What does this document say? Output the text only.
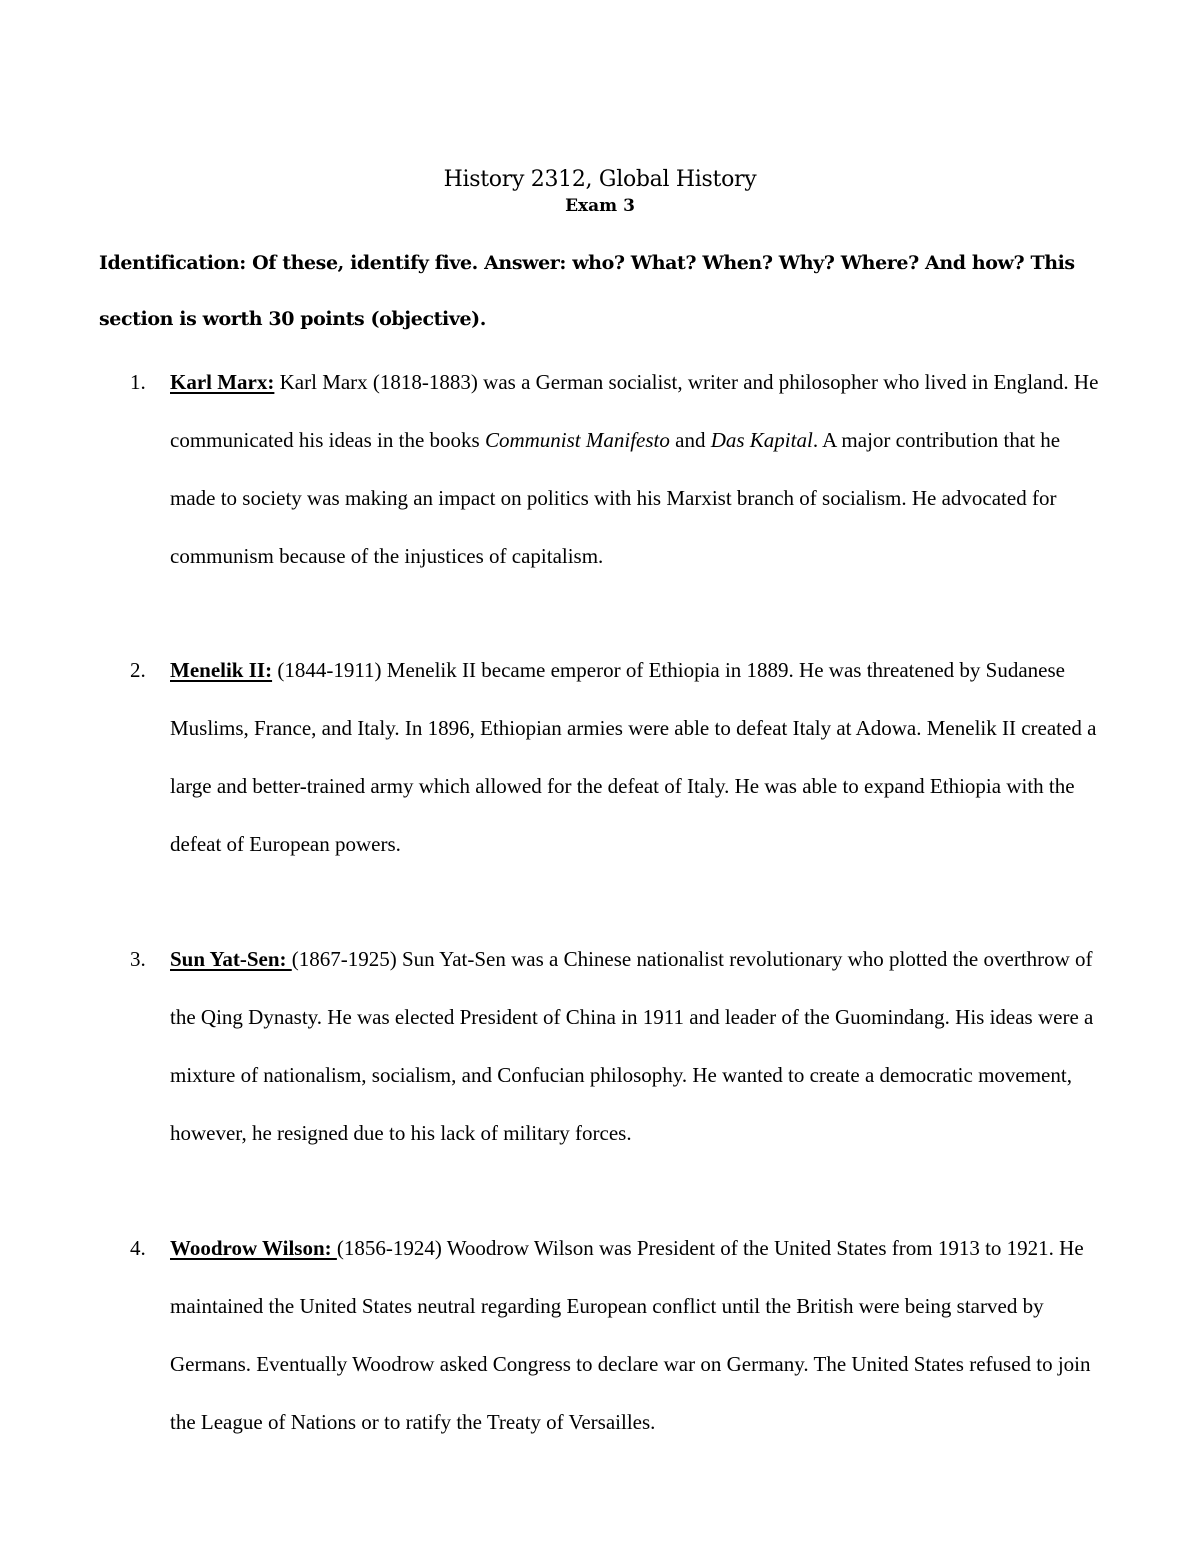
History 2312, Global History
Exam 3
Identification: Of these, identify five. Answer: who? What? When? Why? Where? And how? This section is worth 30 points (objective).
1.	Karl Marx: Karl Marx (1818-1883) was a German socialist, writer and philosopher who lived in England. He communicated his ideas in the books Communist Manifesto and Das Kapital. A major contribution that he made to society was making an impact on politics with his Marxist branch of socialism. He advocated for communism because of the injustices of capitalism.
2.	Menelik II: (1844-1911) Menelik II became emperor of Ethiopia in 1889. He was threatened by Sudanese Muslims, France, and Italy. In 1896, Ethiopian armies were able to defeat Italy at Adowa. Menelik II created a large and better-trained army which allowed for the defeat of Italy. He was able to expand Ethiopia with the defeat of European powers.
3.	Sun Yat-Sen: (1867-1925) Sun Yat-Sen was a Chinese nationalist revolutionary who plotted the overthrow of the Qing Dynasty. He was elected President of China in 1911 and leader of the Guomindang. His ideas were a mixture of nationalism, socialism, and Confucian philosophy. He wanted to create a democratic movement, however, he resigned due to his lack of military forces.
4.	Woodrow Wilson: (1856-1924) Woodrow Wilson was President of the United States from 1913 to 1921. He maintained the United States neutral regarding European conflict until the British were being starved by Germans. Eventually Woodrow asked Congress to declare war on Germany. The United States refused to join the League of Nations or to ratify the Treaty of Versailles.
